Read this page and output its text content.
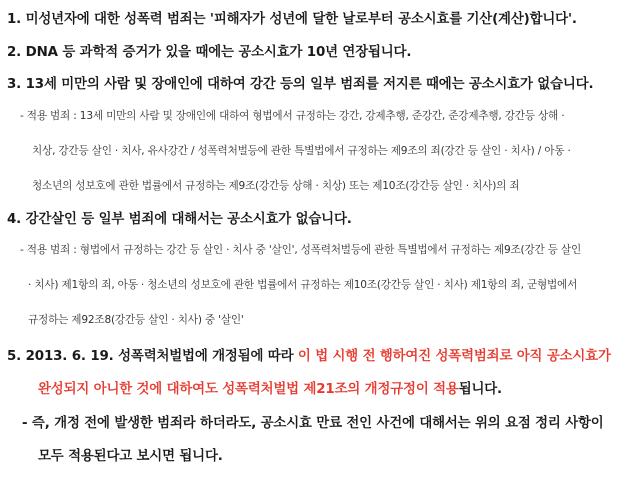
1. 미성년자에 대한 성폭력 범죄는 '피해자가 성년에 달한 날로부터 공소시효를 기산(계산)합니다'.
2. DNA 등 과학적 증거가 있을 때에는 공소시효가 10년 연장됩니다.
3. 13세 미만의 사람 및 장애인에 대하여 강간 등의 일부 범죄를 저지른 때에는 공소시효가 없습니다.
- 적용 범죄 : 13세 미만의 사람 및 장애인에 대하여 형법에서 규정하는 강간, 강제추행, 준강간, 준강제추행, 강간등 상해 ·
치상, 강간등 살인 · 치사, 유사강간 / 성폭력처벌등에 관한 특별법에서 규정하는 제9조의 죄(강간 등 살인 · 치사) / 아동 ·
청소년의 성보호에 관한 법률에서 규정하는 제9조(강간등 상해 · 치상) 또는 제10조(강간등 살인 · 치사)의 죄
4. 강간살인 등 일부 범죄에 대해서는 공소시효가 없습니다.
- 적용 범죄 : 형법에서 규정하는 강간 등 살인 · 치사 중 '살인', 성폭력처벌등에 관한 특별법에서 규정하는 제9조(강간 등 살인
· 치사) 제1항의 죄, 아동 · 청소년의 성보호에 관한 법률에서 규정하는 제10조(강간등 살인 · 치사) 제1항의 죄, 군형법에서
규정하는 제92조8(강간등 살인 · 치사) 중 '살인'
5. 2013. 6. 19. 성폭력처벌법에 개정됨에 따라 이 법 시행 전 행하여진 성폭력범죄로 아직 공소시효가
완성되지 아니한 것에 대하여도 성폭력처벌법 제21조의 개정규정이 적용됩니다.
- 즉, 개정 전에 발생한 범죄라 하더라도, 공소시효 만료 전인 사건에 대해서는 위의 요점 정리 사항이
모두 적용된다고 보시면 됩니다.
